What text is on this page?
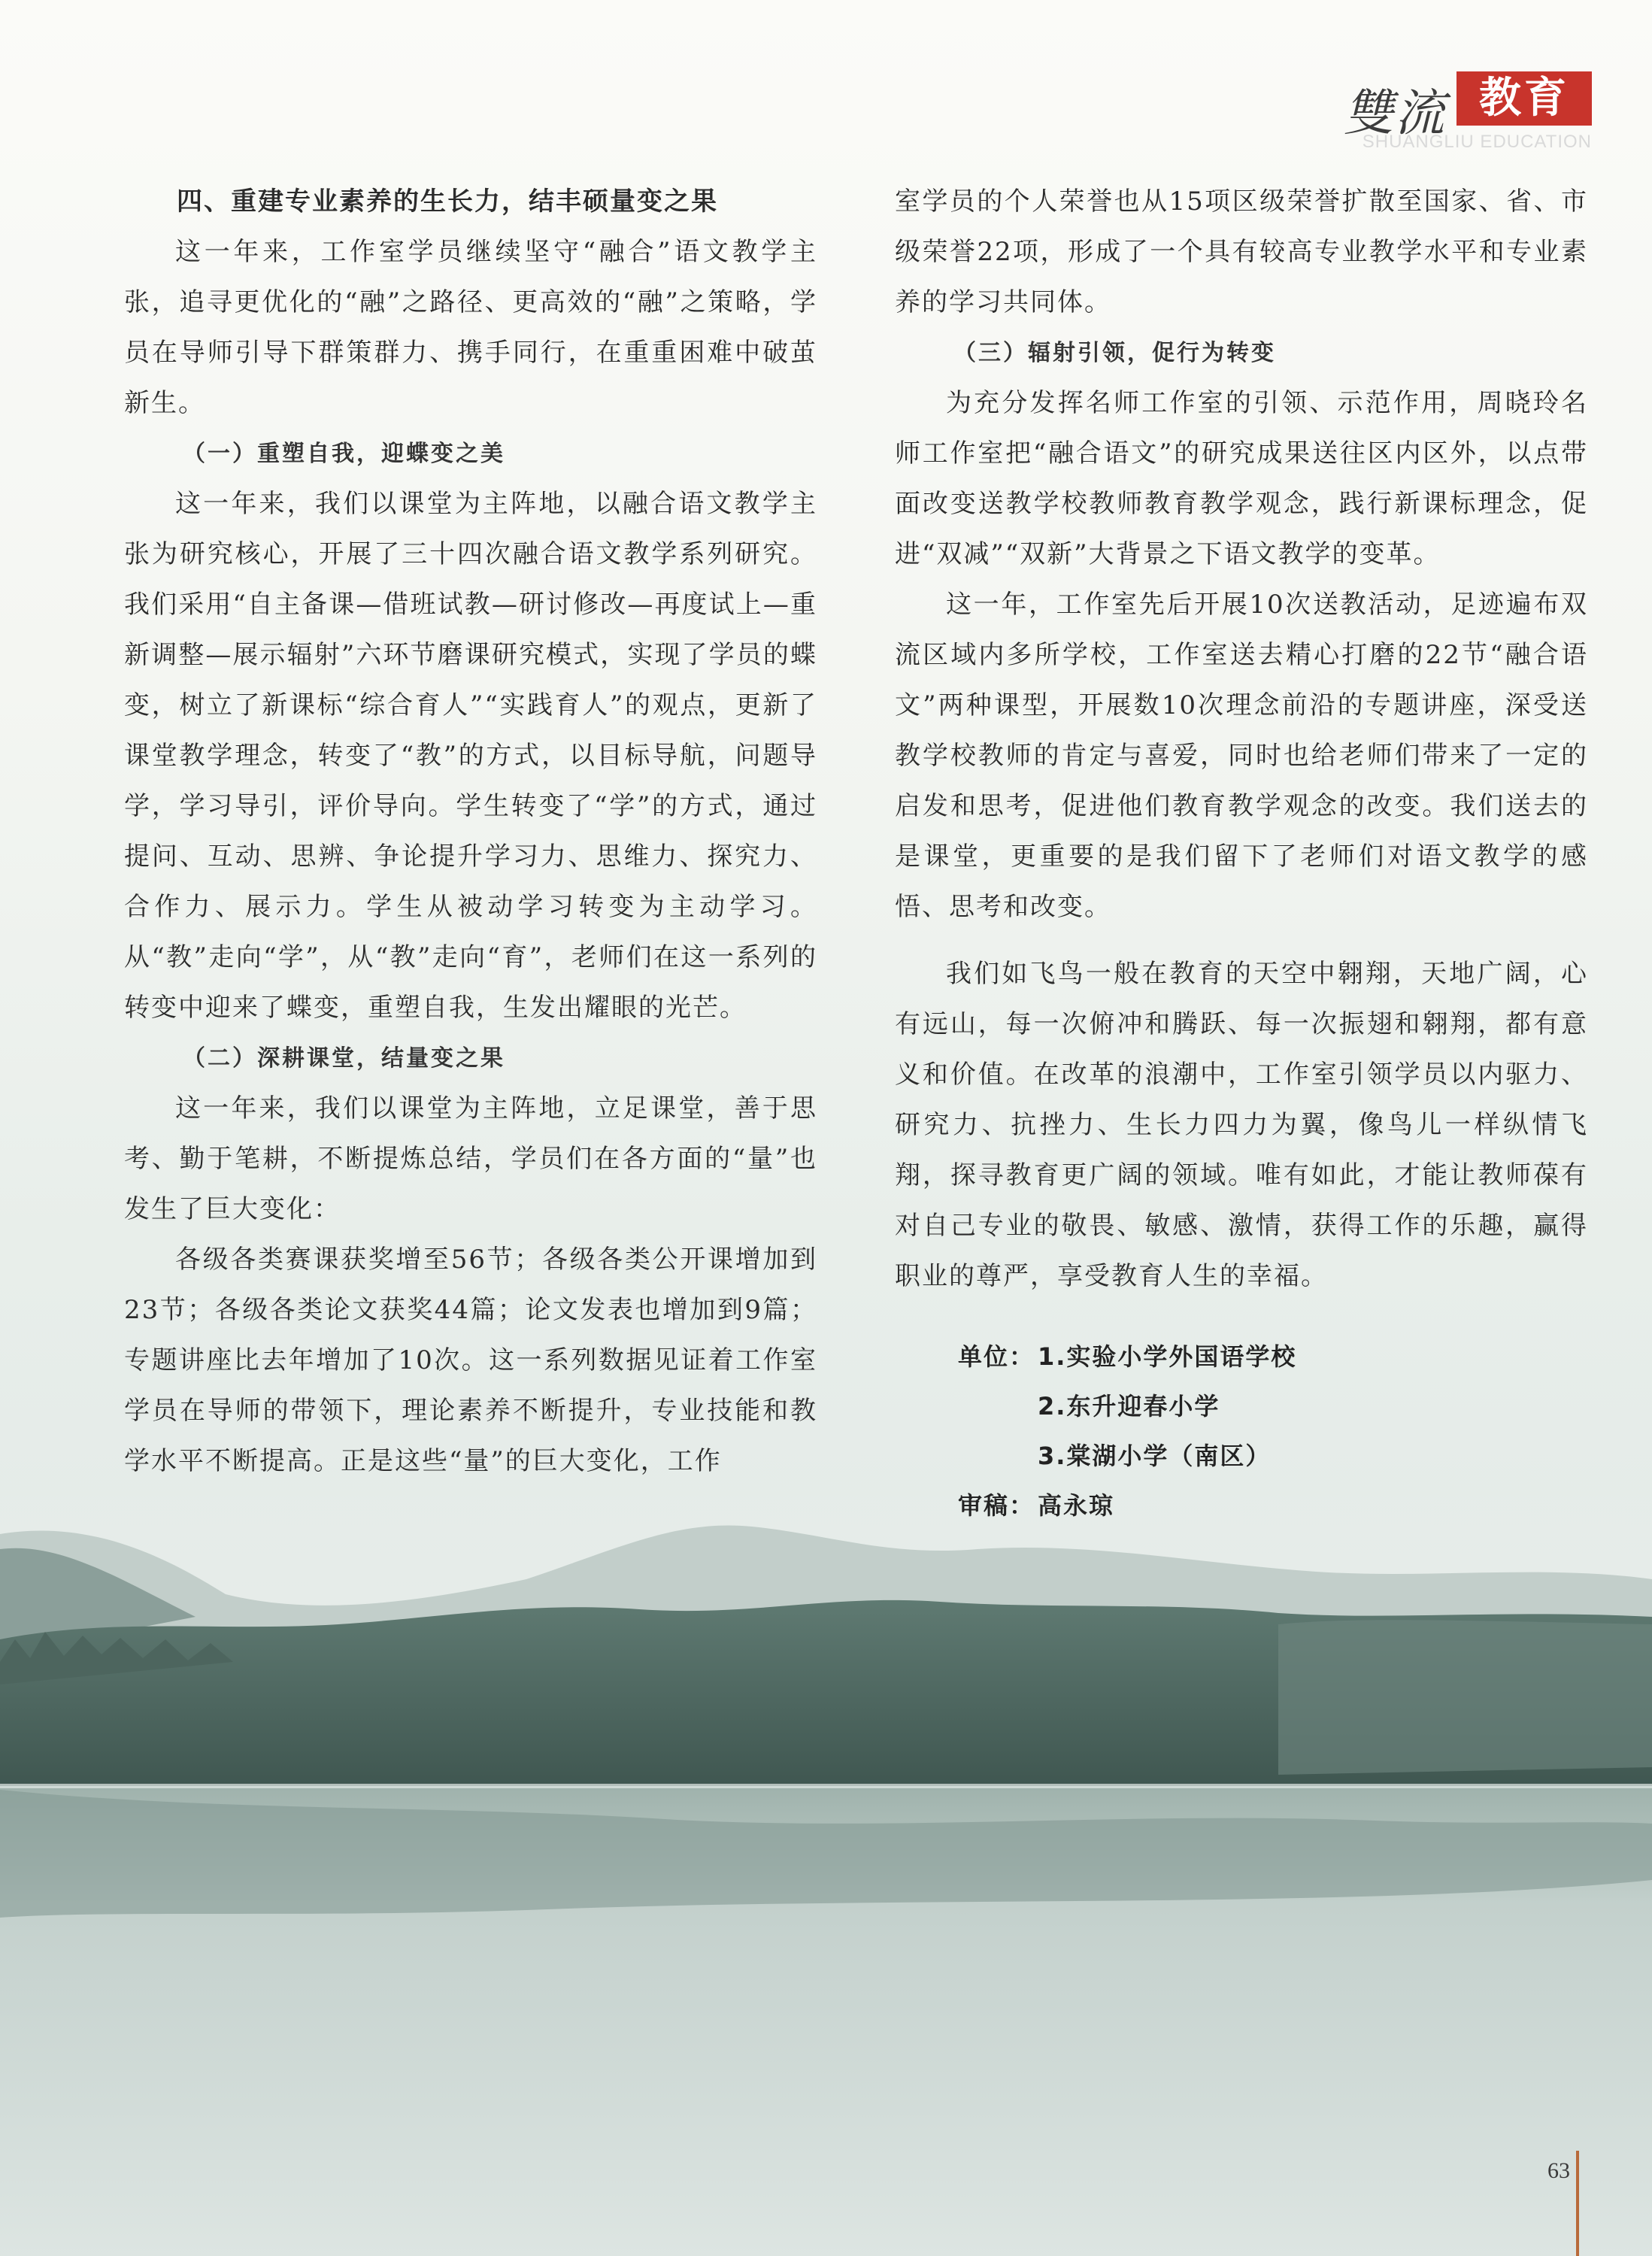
雙流 教育
SHUANGLIU EDUCATION
四、重建专业素养的生长力，结丰硕量变之果

这一年来，工作室学员继续坚守“融合”语文教学主张，追寻更优化的“融”之路径、更高效的“融”之策略，学员在导师引导下群策群力、携手同行，在重重困难中破茧新生。

（一）重塑自我，迎蝶变之美

这一年来，我们以课堂为主阵地，以融合语文教学主张为研究核心，开展了三十四次融合语文教学系列研究。我们采用“自主备课—借班试教—研讨修改—再度试上—重新调整—展示辐射”六环节磨课研究模式，实现了学员的蝶变，树立了新课标“综合育人”“实践育人”的观点，更新了课堂教学理念，转变了“教”的方式，以目标导航，问题导学，学习导引，评价导向。学生转变了“学”的方式，通过提问、互动、思辨、争论提升学习力、思维力、探究力、合作力、展示力。学生从被动学习转变为主动学习。从“教”走向“学”，从“教”走向“育”，老师们在这一系列的转变中迎来了蝶变，重塑自我，生发出耀眼的光芒。

（二）深耕课堂，结量变之果

这一年来，我们以课堂为主阵地，立足课堂，善于思考、勤于笔耕，不断提炼总结，学员们在各方面的“量”也发生了巨大变化：

各级各类赛课获奖增至56节；各级各类公开课增加到23节；各级各类论文获奖44篇；论文发表也增加到9篇；专题讲座比去年增加了10次。这一系列数据见证着工作室学员在导师的带领下，理论素养不断提升，专业技能和教学水平不断提高。正是这些“量”的巨大变化，工作

室学员的个人荣誉也从15项区级荣誉扩散至国家、省、市级荣誉22项，形成了一个具有较高专业教学水平和专业素养的学习共同体。

（三）辐射引领，促行为转变

为充分发挥名师工作室的引领、示范作用，周晓玲名师工作室把“融合语文”的研究成果送往区内区外，以点带面改变送教学校教师教育教学观念，践行新课标理念，促进“双减”“双新”大背景之下语文教学的变革。

这一年，工作室先后开展10次送教活动，足迹遍布双流区域内多所学校，工作室送去精心打磨的22节“融合语文”两种课型，开展数10次理念前沿的专题讲座，深受送教学校教师的肯定与喜爱，同时也给老师们带来了一定的启发和思考，促进他们教育教学观念的改变。我们送去的是课堂，更重要的是我们留下了老师们对语文教学的感悟、思考和改变。

我们如飞鸟一般在教育的天空中翱翔，天地广阔，心有远山，每一次俯冲和腾跃、每一次振翅和翱翔，都有意义和价值。在改革的浪潮中，工作室引领学员以内驱力、研究力、抗挫力、生长力四力为翼，像鸟儿一样纵情飞翔，探寻教育更广阔的领域。唯有如此，才能让教师葆有对自己专业的敬畏、敏感、激情，获得工作的乐趣，赢得职业的尊严，享受教育人生的幸福。

单位： 1.实验小学外国语学校
2.东升迎春小学
3.棠湖小学（南区）
审稿： 高永琼
63
